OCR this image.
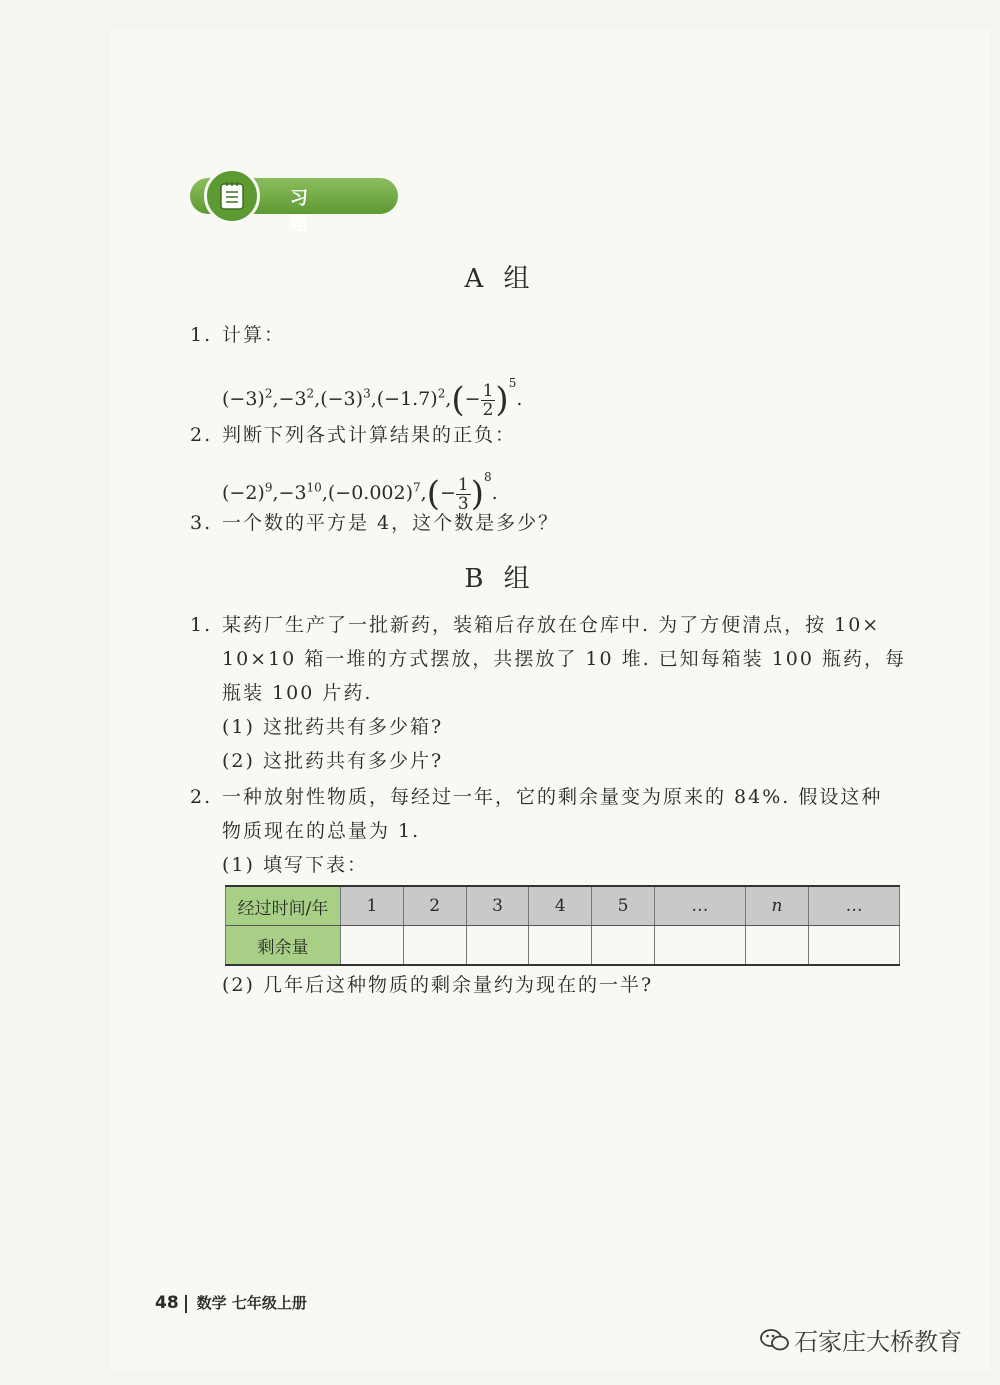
习 题
A 组
1. 计算：
$(-3)^2,-3^2,(-3)^3,(-1.7)^2,(- \frac{1}{2} )^5$.
2. 判断下列各式计算结果的正负：
$(-2)^9,-3^{10},(-0.002)^7,(- \frac{1}{3} )^8$.
3. 一个数的平方是 4，这个数是多少？
B 组
1. 某药厂生产了一批新药，装箱后存放在仓库中. 为了方便清点，按 10×
10×10 箱一堆的方式摆放，共摆放了 10 堆. 已知每箱装 100 瓶药，每
瓶装 100 片药.
(1) 这批药共有多少箱?
(2) 这批药共有多少片?
2. 一种放射性物质，每经过一年，它的剩余量变为原来的 84%. 假设这种
物质现在的总量为 1.
(1) 填写下表：
经过时间/年	1	2	3	4	5	…	n	…
剩余量								
(2) 几年后这种物质的剩余量约为现在的一半?
48 数学 七年级上册
石家庄大桥教育
